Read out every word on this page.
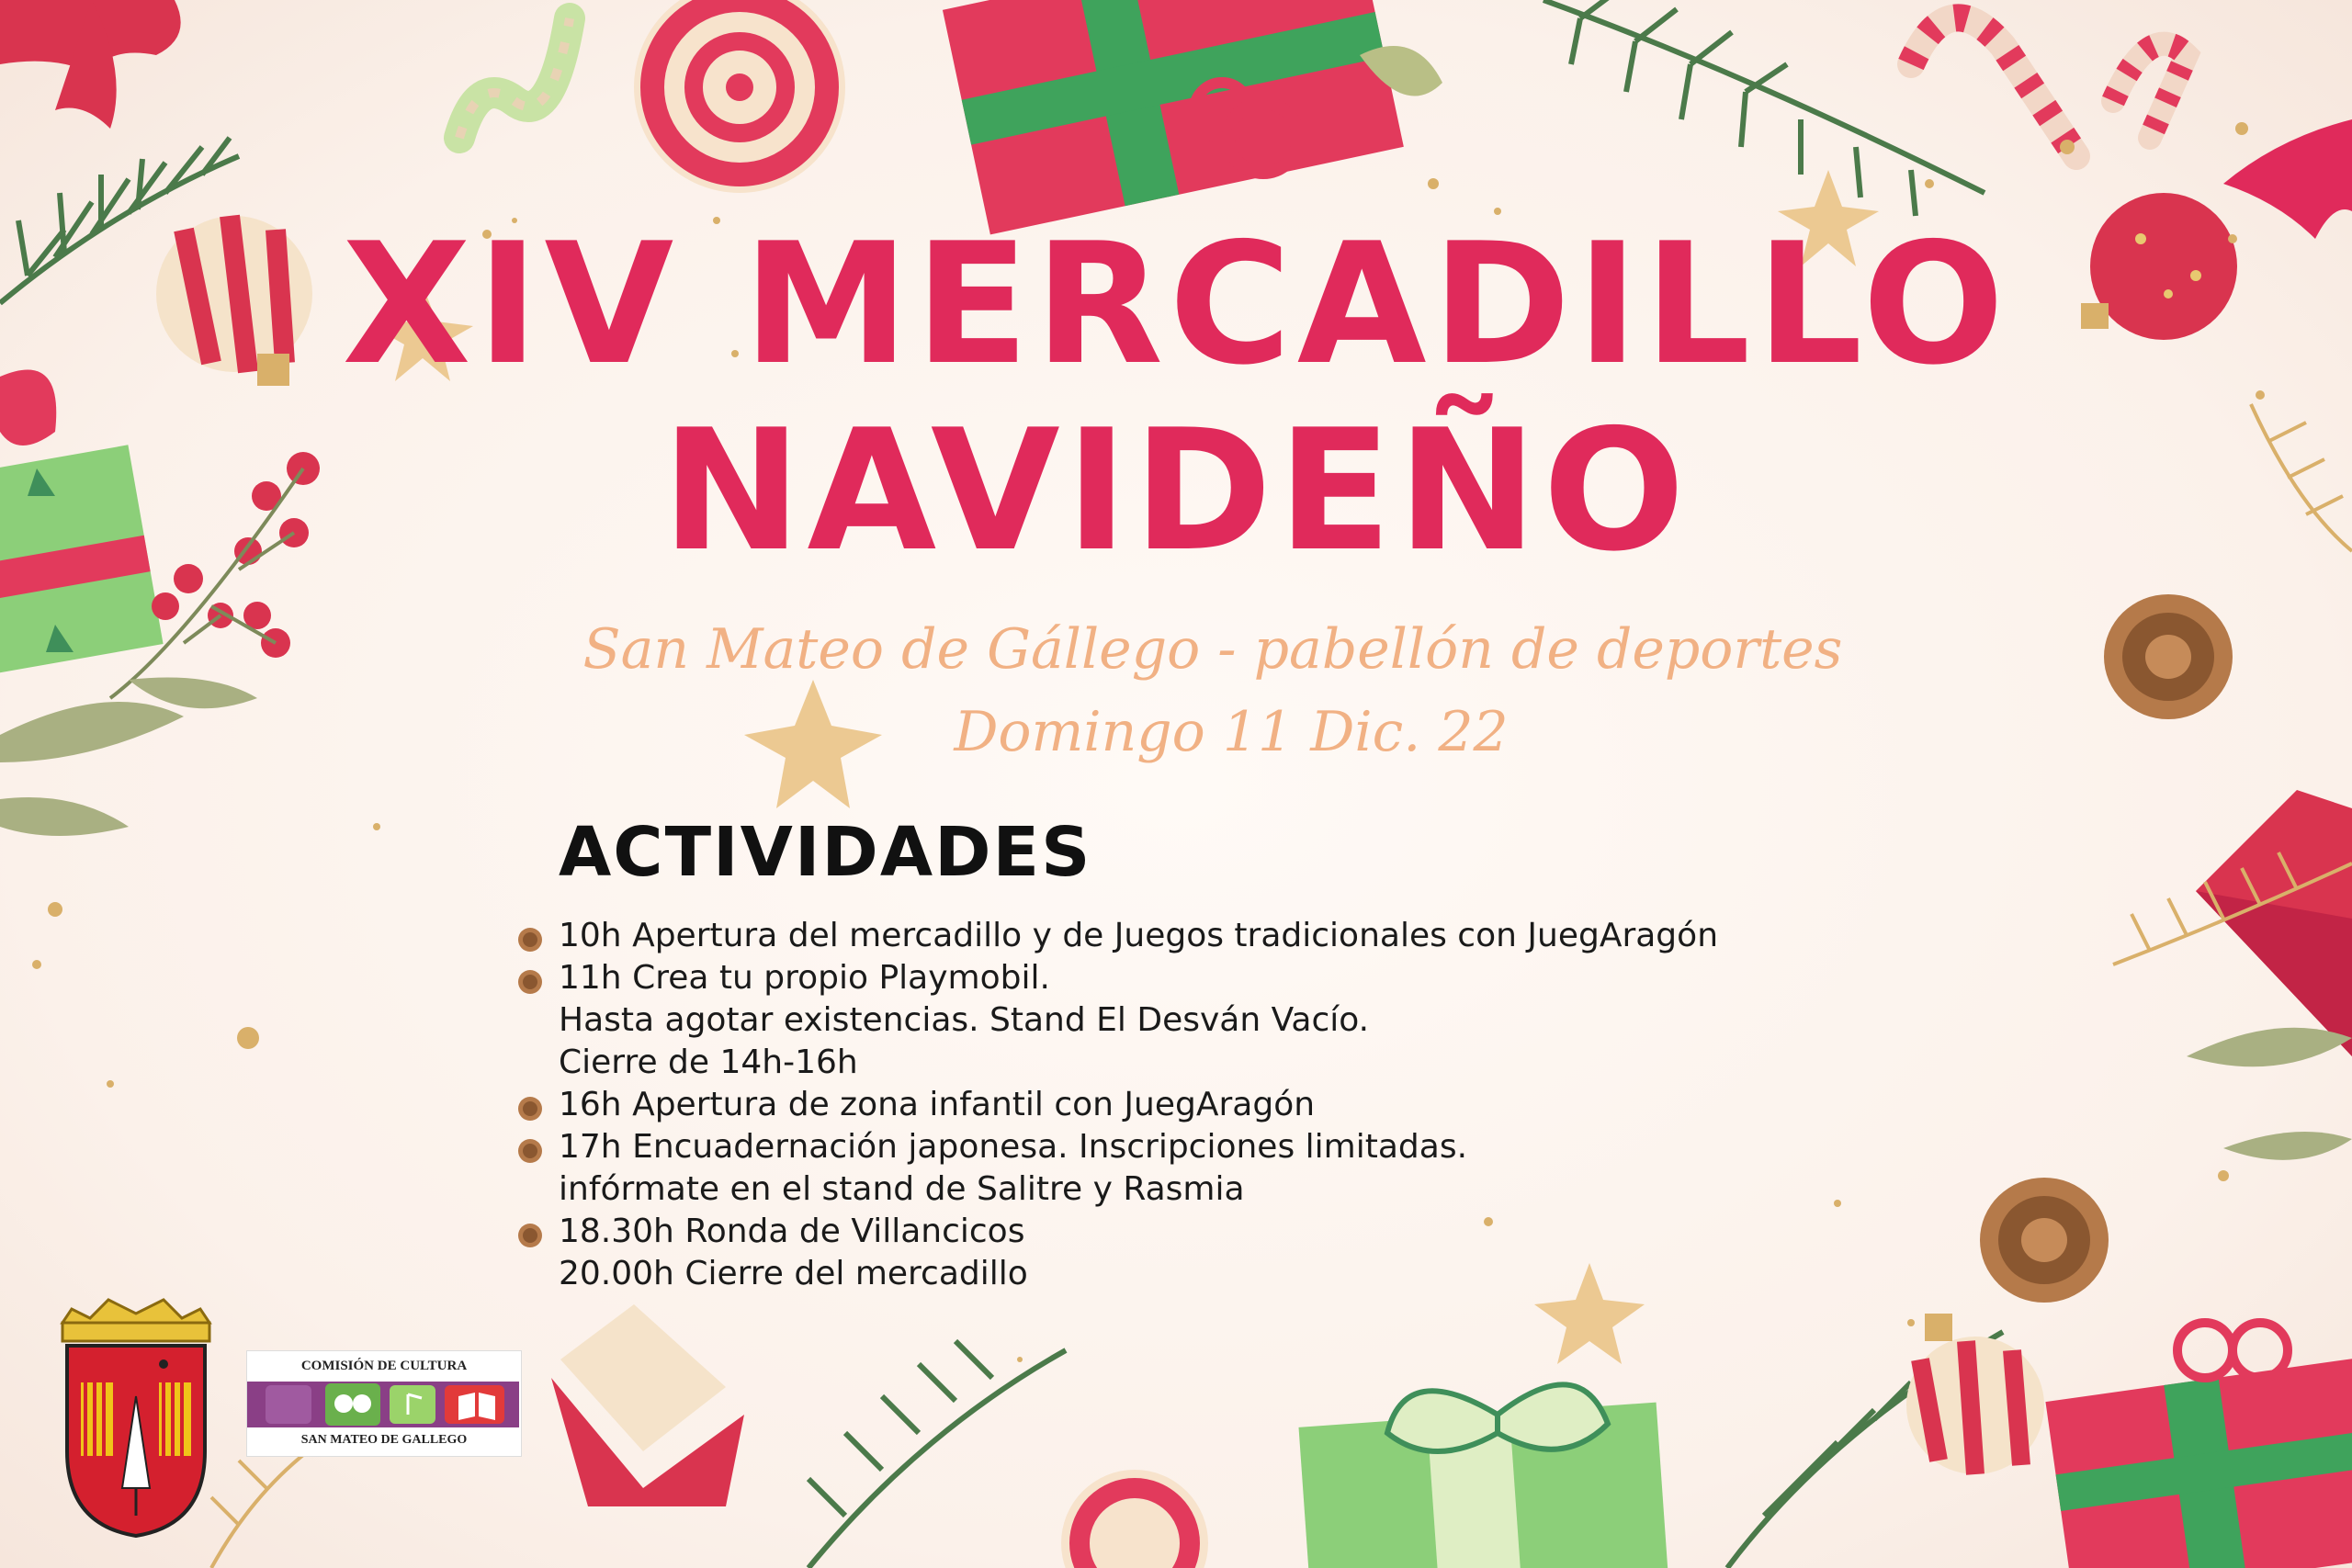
XIV MERCADILLO
NAVIDEÑO

San Mateo de Gállego - pabellón de deportes

Domingo 11 Dic. 22

ACTIVIDADES
10h Apertura del mercadillo y de Juegos tradicionales con JuegAragón
11h Crea tu propio Playmobil.
Hasta agotar existencias. Stand El Desván Vacío.
Cierre de 14h-16h
16h Apertura de zona infantil con JuegAragón
17h Encuadernación japonesa. Inscripciones limitadas.
infórmate en el stand de Salitre y Rasmia
18.30h Ronda de Villancicos
20.00h Cierre del mercadillo
COMISIÓN DE CULTURA
SAN MATEO DE GALLEGO
